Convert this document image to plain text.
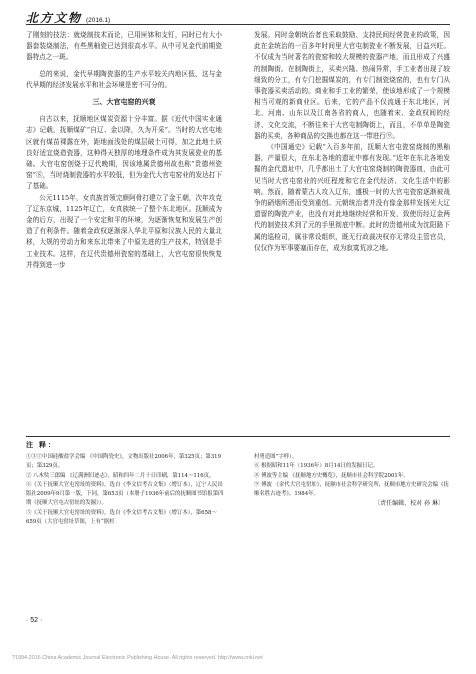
北方文物 (2016.1)

了刚刻的技法：就烧制技术而论，已用匣钵和支钉，同时已有大小器套装烧制法，有些黑釉瓷已达到很高水平。从中可见金代前期瓷器特点之一斑。

总的来说，金代早期陶瓷器的生产水平较关内地区低，这与金代早期的经济发展水平和社会环境是密不可分的。

三、大官屯窑的兴衰

自古以来，抚顺地区煤炭资源十分丰富。据《近代中国实业通志》记载，抚顺煤矿“自辽、金以降，久为开采”。当时的大官屯地区就有煤苗裸露在外，距地面浅处的煤层破土可得，加之此地土质良好适宜烧造瓷器，这种得天独厚的地理条件成为其发展瓷业的基础。大官屯窑创烧于辽代晚期，因该地属贵德州故也称“贵德州瓷窑”⑧，当时烧制瓷器的水平较低，但为金代大官屯窑业的发达打下了基础。

公元1115年，女真族首领完颜阿骨打建立了金王朝，次年攻克了辽东京城，1125年辽亡，女真族统一了整个东北地区。抚顺成为金的后方，出现了一个安定和平的环境，为逐渐恢复和发展生产创造了有利条件。随着金政权逐渐深入华北平原和汉族人民的大量北移，大规的劳动力和来东北带来了中原先进的生产技术，特别是手工业技术。这样，在辽代贵德州瓷窑的基础上，大官屯窑很快恢复并得到进一步

发展。同时金朝统治者也采取鼓励、支持民间经营瓷业的政策，因此在金统治的一百多年时间里大官屯制瓷业不断发展，日益兴旺。不仅成为当时著名的瓷窑和较大规模的瓷器产地，而且形成了兴盛的制陶街。在制陶街上，买卖兴隆、热闹异常，手工业者出现了较细致的分工，有专门挖掘煤炭的，有专门制瓷烧窑的，也有专门从事瓷器买卖活动的。商业和手工业的繁荣，使该地形成了一个规模相当可观的新商业区。后来，它的产品不仅流通于东北地区，河北、河南、山东以及江南各省的商人，也随着宋、金政权间的经济、文化交流，不断往来于大官屯制陶街上，而且，不单单是陶瓷器的买卖，各种商品的交换也都在这一带进行⑨。

《中国通史》记载“入百多年前，抚顺大官屯瓷窑烧制的黑釉器，产量很大，在东北各地的遗址中都有发现。”近年在东北各地发掘的金代遗址中，几乎都出土了大官屯窑烧制的陶瓷器皿，由此可见当时大官屯窑业的兴旺程度和它在金代经济、文化生活中的影响。然而，随着蒙古人攻入辽东，盛极一时的大官屯瓷窑逐渐被战争的硝烟所湮而受到重创。元朝统治者并没有像金那样发扬光大辽遗留的陶瓷产业，也没有对此地继续经营和开发，致使历经辽金两代的制瓷技术到了元的手里彻底中断。此时的贵德州成为沈阳路下属的巡检司，属非常设组织，既无行政裁决权亦无常设主管官员，仅仅作为军事要塞而存在，成为寂寞荒凉之地。

注 释：
①③⑦中国硅酸盐学会编 《中国陶瓷史》，文物出版社2006年，第325页；第319页；第329页。
② 八木奘三郎编 《辽满洲旧迹志》，昭和四年二月十日印刷，第114～116页。
④《关于抚顺大官屯窑址的资料》，选自《李文信考古文集》（增订本），辽宁人民出版社2009年9月第一版，下同，第653页（本册子1936年前后的抚顺图书馆报第四期《抚顺大官屯古窑址的发掘》）。
⑤《关于抚顺大官屯窑址的资料》，选自《李文信考古文集》（增订本），第658～659页（大官屯窑址草图，上有“据杉
村勇造图”字样）。
⑥ 根据昭和11年（1936年）8月14日的发掘日记。
⑧ 傅波等主编 《抚顺地方史概览》，抚顺市社会科学院2001年。
⑨ 傅波 《金代大官屯窑址》，抚顺市社会科学研究所，抚顺市地方史研究会编《抚顺名胜古迹考》，1984年。
〔责任编辑、校对 孙 琳〕
· 52 ·
?1994-2016 China Academic Journal Electronic Publishing House. All rights reserved. http://www.cnki.net
